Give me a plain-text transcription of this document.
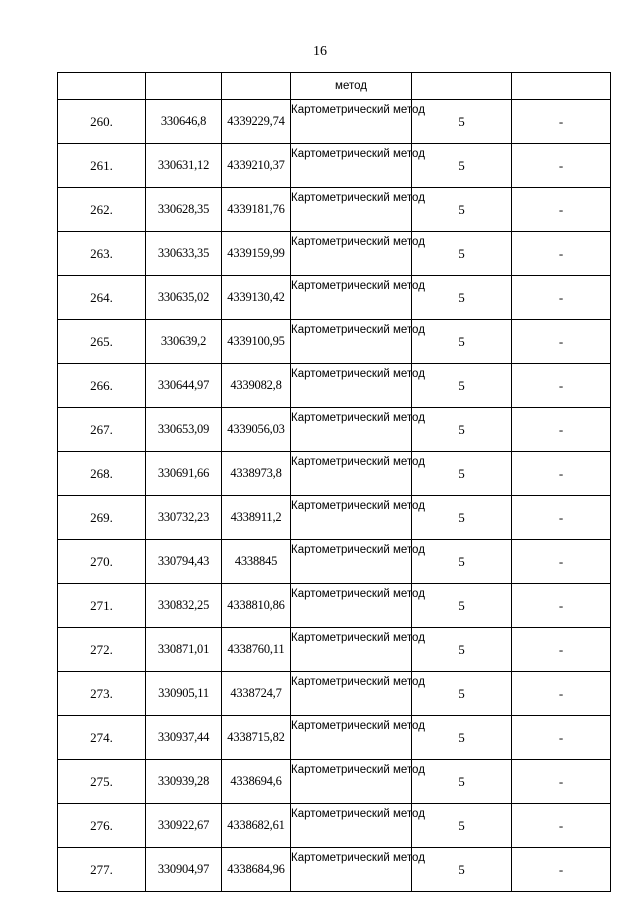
16
			метод		
260.	330646,8	4339229,74	Картометрический метод	5	-
261.	330631,12	4339210,37	Картометрический метод	5	-
262.	330628,35	4339181,76	Картометрический метод	5	-
263.	330633,35	4339159,99	Картометрический метод	5	-
264.	330635,02	4339130,42	Картометрический метод	5	-
265.	330639,2	4339100,95	Картометрический метод	5	-
266.	330644,97	4339082,8	Картометрический метод	5	-
267.	330653,09	4339056,03	Картометрический метод	5	-
268.	330691,66	4338973,8	Картометрический метод	5	-
269.	330732,23	4338911,2	Картометрический метод	5	-
270.	330794,43	4338845	Картометрический метод	5	-
271.	330832,25	4338810,86	Картометрический метод	5	-
272.	330871,01	4338760,11	Картометрический метод	5	-
273.	330905,11	4338724,7	Картометрический метод	5	-
274.	330937,44	4338715,82	Картометрический метод	5	-
275.	330939,28	4338694,6	Картометрический метод	5	-
276.	330922,67	4338682,61	Картометрический метод	5	-
277.	330904,97	4338684,96	Картометрический метод	5	-
